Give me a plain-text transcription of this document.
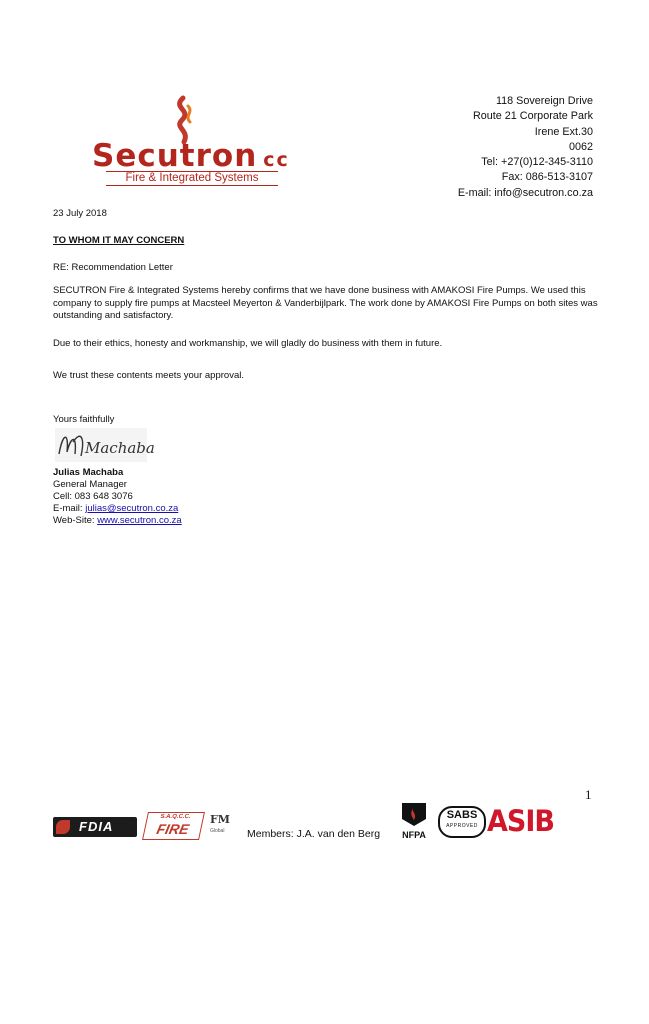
Secutron cc
Fire & Integrated Systems
118 Sovereign Drive
Route 21 Corporate Park
Irene Ext.30
0062
Tel: +27(0)12-345-3110
Fax: 086-513-3107
E-mail: info@secutron.co.za
23 July 2018
TO WHOM IT MAY CONCERN
RE: Recommendation Letter
SECUTRON Fire & Integrated Systems hereby confirms that we have done business with AMAKOSI Fire Pumps. We used this company to supply fire pumps at Macsteel Meyerton & Vanderbijlpark. The work done by AMAKOSI Fire Pumps on both sites was outstanding and satisfactory.
Due to their ethics, honesty and workmanship, we will gladly do business with them in future.
We trust these contents meets your approval.
Yours faithfully
Machaba
Julias Machaba
General Manager
Cell: 083 648 3076
E-mail: julias@secutron.co.za
Web-Site: www.secutron.co.za
1
FDIA
S.A.Q.C.C.
FIRE
FM $^{Global}$	Members: J.A. van den Berg	NFPA
SABS
APPROVED ASIB
